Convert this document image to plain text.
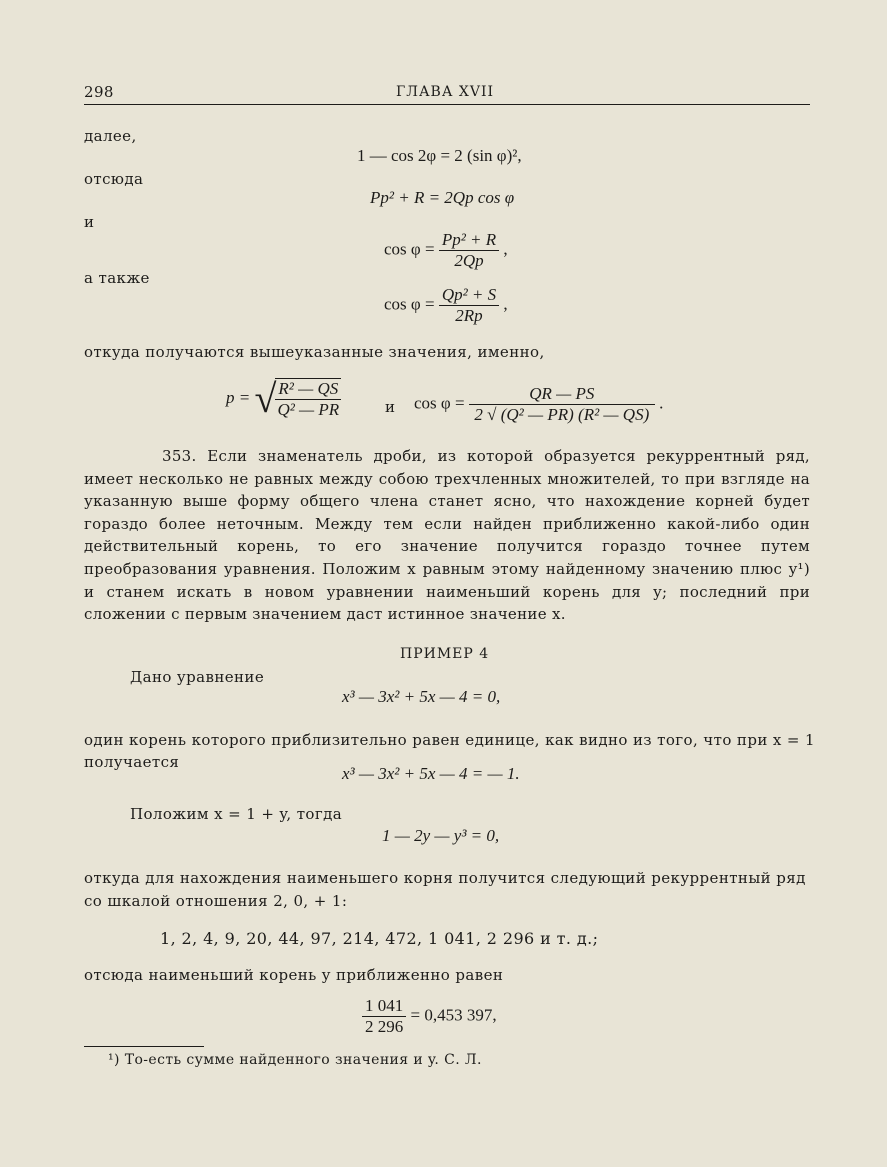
298	ГЛАВА XVII
далее,
1 — cos 2φ = 2 (sin φ)²,
отсюда
Pp² + R = 2Qp cos φ
и
$\cos \varphi = \frac{\text{Pp² + R}}{2Qp}$ ,
а также
$\cos \varphi = \frac{\text{Qp² + S}}{2Rp}$ ,
откуда получаются вышеуказанные значения, именно,
p = √
$\frac{\text{R² — QS}}{\text{Q² — PR}}$	и $\cos \varphi = \frac{QR — PS}{\text{2 √ (Q² — PR) (R² — QS)}}$ .
353. Если знаменатель дроби, из которой образуется рекуррентный ряд, имеет несколько не равных между собою трехчленных множителей, то при взгляде на указанную выше форму общего члена станет ясно, что нахождение корней будет гораздо более неточным. Между тем если найден приближенно какой-либо один действительный корень, то его значение получится гораздо точнее путем преобразования уравнения. Положим x равным этому найденному значению плюс y¹) и станем искать в новом уравнении наименьший корень для y; последний при сложении с первым значением даст истинное значение x.
ПРИМЕР 4
Дано уравнение
x³ — 3x² + 5x — 4 = 0,
один корень которого приблизительно равен единице, как видно из того, что при x = 1
получается
x³ — 3x² + 5x — 4 = — 1.
Положим x = 1 + y, тогда
1 — 2y — y³ = 0,
откуда для нахождения наименьшего корня получится следующий рекуррентный ряд
со шкалой отношения 2, 0, + 1:
1, 2, 4, 9, 20, 44, 97, 214, 472, 1 041, 2 296 и т. д.;
отсюда наименьший корень y приближенно равен
$\frac{1 041}{2 296} = 0,453$ 397,
¹) То-есть сумме найденного значения и y. С. Л.
